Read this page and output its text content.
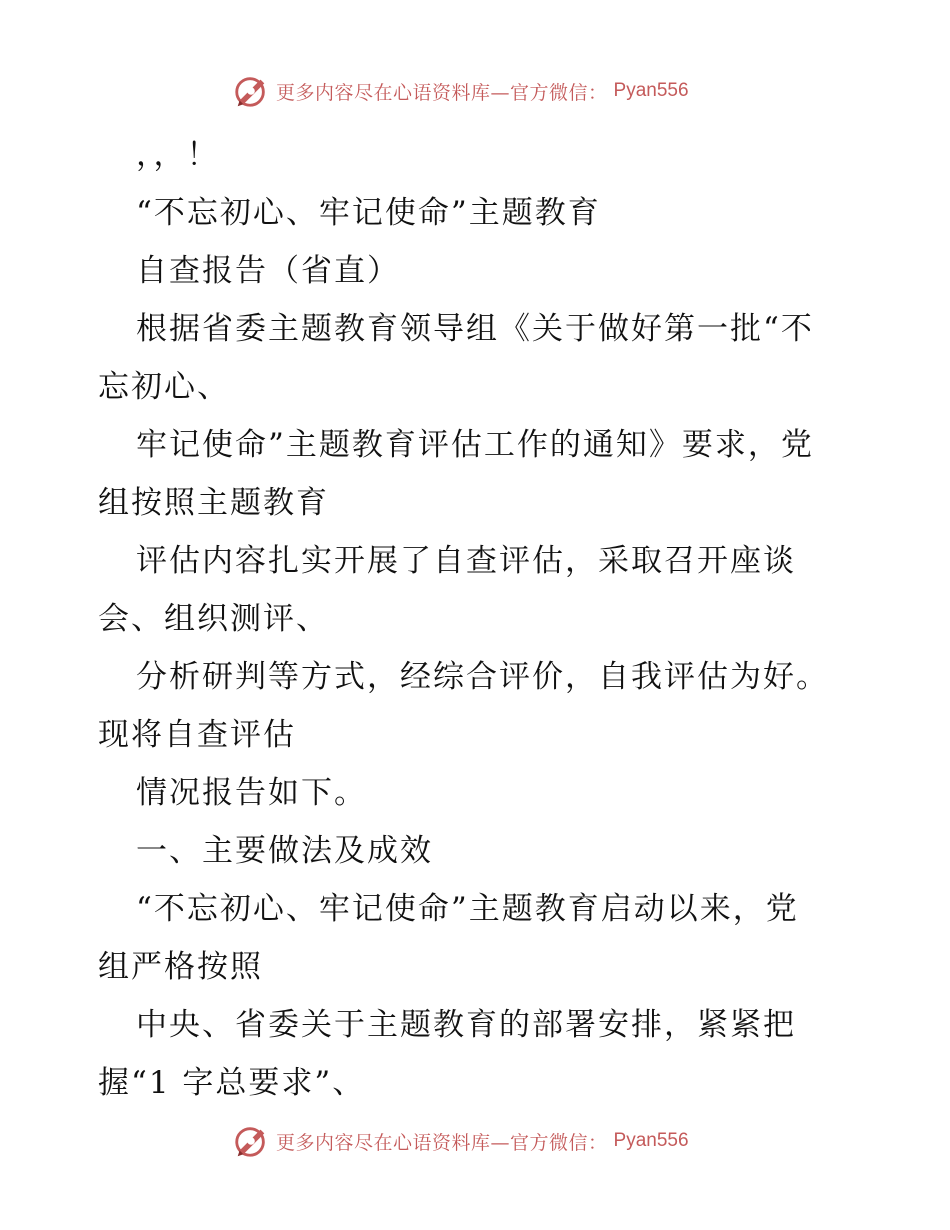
更多内容尽在心语资料库—官方微信： Pyan556
，，！
“不忘初心、牢记使命”主题教育
自查报告（省直）
根据省委主题教育领导组《关于做好第一批“不
忘初心、
牢记使命”主题教育评估工作的通知》要求，党
组按照主题教育
评估内容扎实开展了自查评估，采取召开座谈
会、组织测评、
分析研判等方式，经综合评价，自我评估为好。
现将自查评估
情况报告如下。
一、主要做法及成效
“不忘初心、牢记使命”主题教育启动以来，党
组严格按照
中央、省委关于主题教育的部署安排，紧紧把
握“1 字总要求”、
更多内容尽在心语资料库—官方微信： Pyan556
